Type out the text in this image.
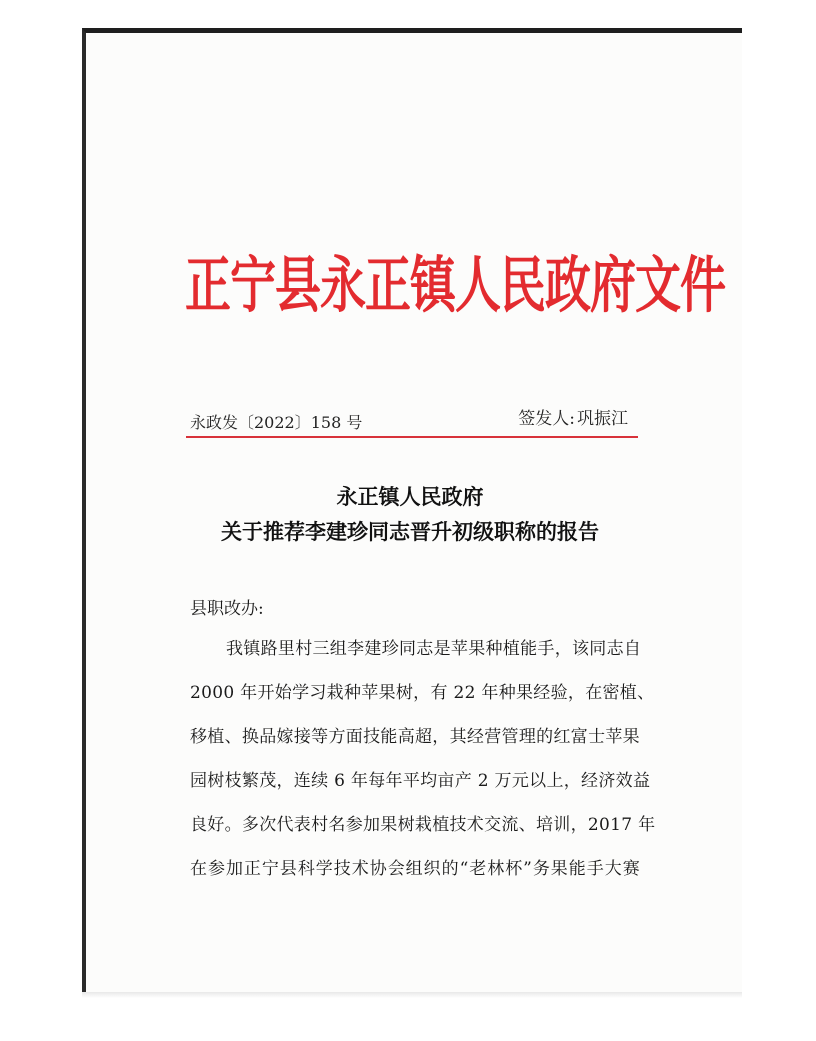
正宁县永正镇人民政府文件
永政发〔2022〕158 号	签发人: 巩振江
永正镇人民政府
关于推荐李建珍同志晋升初级职称的报告
县职改办:
我镇路里村三组李建珍同志是苹果种植能手，该同志自
2000 年开始学习栽种苹果树，有 22 年种果经验，在密植、
移植、换品嫁接等方面技能高超，其经营管理的红富士苹果
园树枝繁茂，连续 6 年每年平均亩产 2 万元以上，经济效益
良好。多次代表村名参加果树栽植技术交流、培训，2017 年
在参加正宁县科学技术协会组织的“老林杯”务果能手大赛
